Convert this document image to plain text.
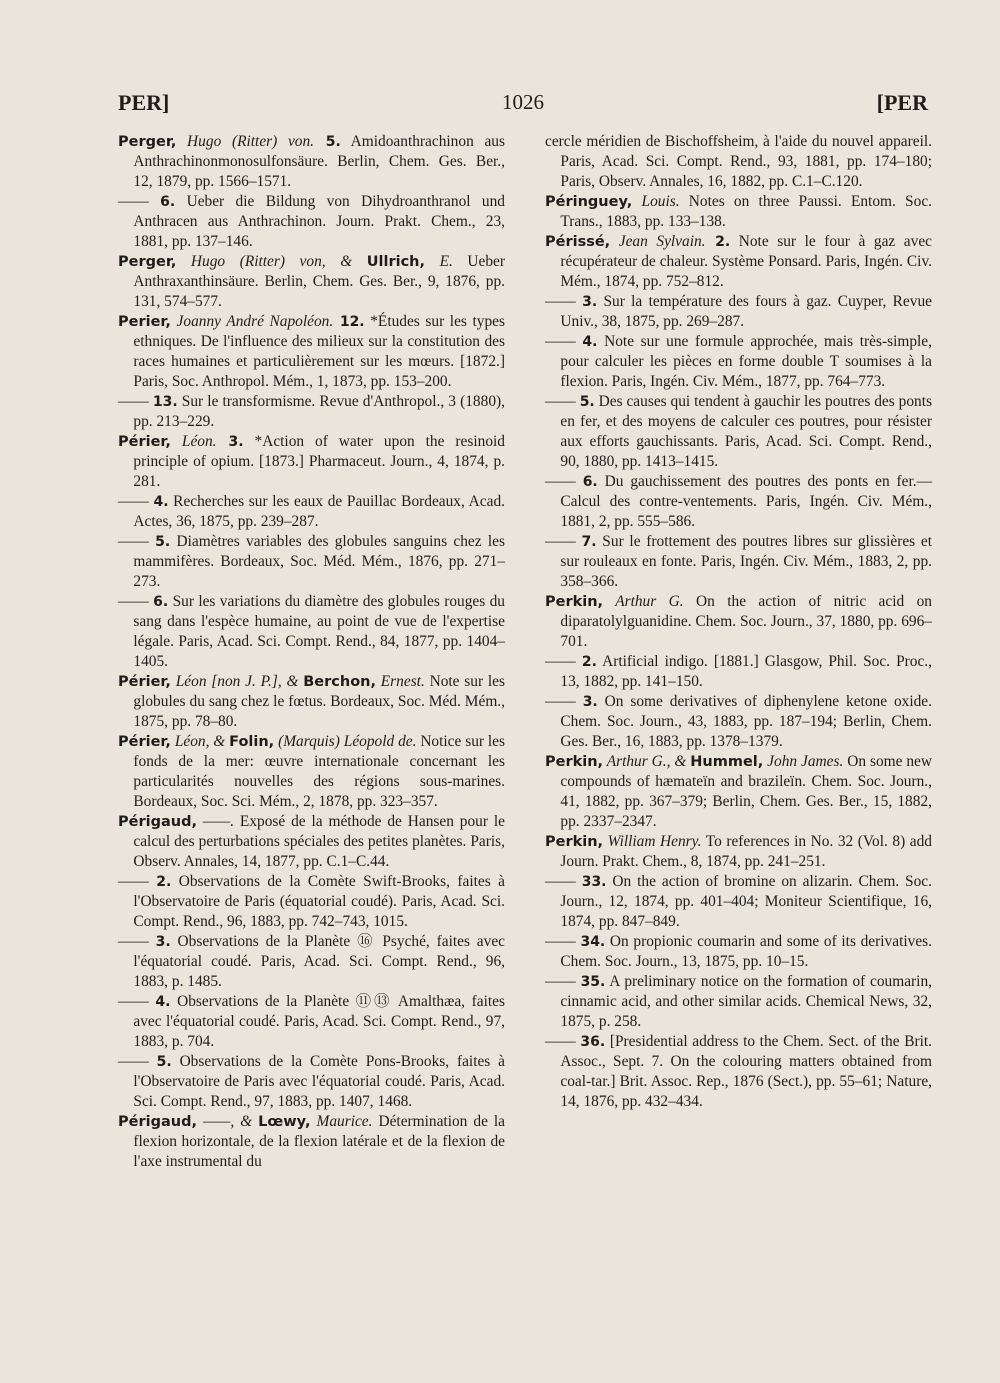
PER]	1026	[PER

Perger, Hugo (Ritter) von. 5. Amidoanthrachinon aus Anthrachinonmonosulfonsäure. Berlin, Chem. Ges. Ber., 12, 1879, pp. 1566–1571.

—— 6. Ueber die Bildung von Dihydroanthranol und Anthracen aus Anthrachinon. Journ. Prakt. Chem., 23, 1881, pp. 137–146.

Perger, Hugo (Ritter) von, & Ullrich, E. Ueber Anthraxanthinsäure. Berlin, Chem. Ges. Ber., 9, 1876, pp. 131, 574–577.

Perier, Joanny André Napoléon. 12. *Études sur les types ethniques. De l'influence des milieux sur la constitution des races humaines et particulièrement sur les mœurs. [1872.] Paris, Soc. Anthropol. Mém., 1, 1873, pp. 153–200.

—— 13. Sur le transformisme. Revue d'Anthropol., 3 (1880), pp. 213–229.

Périer, Léon. 3. *Action of water upon the resinoid principle of opium. [1873.] Pharmaceut. Journ., 4, 1874, p. 281.

—— 4. Recherches sur les eaux de Pauillac Bordeaux, Acad. Actes, 36, 1875, pp. 239–287.

—— 5. Diamètres variables des globules sanguins chez les mammifères. Bordeaux, Soc. Méd. Mém., 1876, pp. 271–273.

—— 6. Sur les variations du diamètre des globules rouges du sang dans l'espèce humaine, au point de vue de l'expertise légale. Paris, Acad. Sci. Compt. Rend., 84, 1877, pp. 1404–1405.

Périer, Léon [non J. P.], & Berchon, Ernest. Note sur les globules du sang chez le fœtus. Bordeaux, Soc. Méd. Mém., 1875, pp. 78–80.

Périer, Léon, & Folin, (Marquis) Léopold de. Notice sur les fonds de la mer: œuvre internationale concernant les particularités nouvelles des régions sous-marines. Bordeaux, Soc. Sci. Mém., 2, 1878, pp. 323–357.

Périgaud, ——. Exposé de la méthode de Hansen pour le calcul des perturbations spéciales des petites planètes. Paris, Observ. Annales, 14, 1877, pp. C.1–C.44.

—— 2. Observations de la Comète Swift-Brooks, faites à l'Observatoire de Paris (équatorial coudé). Paris, Acad. Sci. Compt. Rend., 96, 1883, pp. 742–743, 1015.

—— 3. Observations de la Planète ⑯ Psyché, faites avec l'équatorial coudé. Paris, Acad. Sci. Compt. Rend., 96, 1883, p. 1485.

—— 4. Observations de la Planète ⑪⑬ Amalthæa, faites avec l'équatorial coudé. Paris, Acad. Sci. Compt. Rend., 97, 1883, p. 704.

—— 5. Observations de la Comète Pons-Brooks, faites à l'Observatoire de Paris avec l'équatorial coudé. Paris, Acad. Sci. Compt. Rend., 97, 1883, pp. 1407, 1468.

Périgaud, ——, & Lœwy, Maurice. Détermination de la flexion horizontale, de la flexion latérale et de la flexion de l'axe instrumental du

cercle méridien de Bischoffsheim, à l'aide du nouvel appareil. Paris, Acad. Sci. Compt. Rend., 93, 1881, pp. 174–180; Paris, Observ. Annales, 16, 1882, pp. C.1–C.120.

Péringuey, Louis. Notes on three Paussi. Entom. Soc. Trans., 1883, pp. 133–138.

Périssé, Jean Sylvain. 2. Note sur le four à gaz avec récupérateur de chaleur. Système Ponsard. Paris, Ingén. Civ. Mém., 1874, pp. 752–812.

—— 3. Sur la température des fours à gaz. Cuyper, Revue Univ., 38, 1875, pp. 269–287.

—— 4. Note sur une formule approchée, mais très-simple, pour calculer les pièces en forme double T soumises à la flexion. Paris, Ingén. Civ. Mém., 1877, pp. 764–773.

—— 5. Des causes qui tendent à gauchir les poutres des ponts en fer, et des moyens de calculer ces poutres, pour résister aux efforts gauchissants. Paris, Acad. Sci. Compt. Rend., 90, 1880, pp. 1413–1415.

—— 6. Du gauchissement des poutres des ponts en fer.—Calcul des contre-ventements. Paris, Ingén. Civ. Mém., 1881, 2, pp. 555–586.

—— 7. Sur le frottement des poutres libres sur glissières et sur rouleaux en fonte. Paris, Ingén. Civ. Mém., 1883, 2, pp. 358–366.

Perkin, Arthur G. On the action of nitric acid on diparatolylguanidine. Chem. Soc. Journ., 37, 1880, pp. 696–701.

—— 2. Artificial indigo. [1881.] Glasgow, Phil. Soc. Proc., 13, 1882, pp. 141–150.

—— 3. On some derivatives of diphenylene ketone oxide. Chem. Soc. Journ., 43, 1883, pp. 187–194; Berlin, Chem. Ges. Ber., 16, 1883, pp. 1378–1379.

Perkin, Arthur G., & Hummel, John James. On some new compounds of hæmateïn and brazileïn. Chem. Soc. Journ., 41, 1882, pp. 367–379; Berlin, Chem. Ges. Ber., 15, 1882, pp. 2337–2347.

Perkin, William Henry. To references in No. 32 (Vol. 8) add Journ. Prakt. Chem., 8, 1874, pp. 241–251.

—— 33. On the action of bromine on alizarin. Chem. Soc. Journ., 12, 1874, pp. 401–404; Moniteur Scientifique, 16, 1874, pp. 847–849.

—— 34. On propionic coumarin and some of its derivatives. Chem. Soc. Journ., 13, 1875, pp. 10–15.

—— 35. A preliminary notice on the formation of coumarin, cinnamic acid, and other similar acids. Chemical News, 32, 1875, p. 258.

—— 36. [Presidential address to the Chem. Sect. of the Brit. Assoc., Sept. 7. On the colouring matters obtained from coal-tar.] Brit. Assoc. Rep., 1876 (Sect.), pp. 55–61; Nature, 14, 1876, pp. 432–434.
